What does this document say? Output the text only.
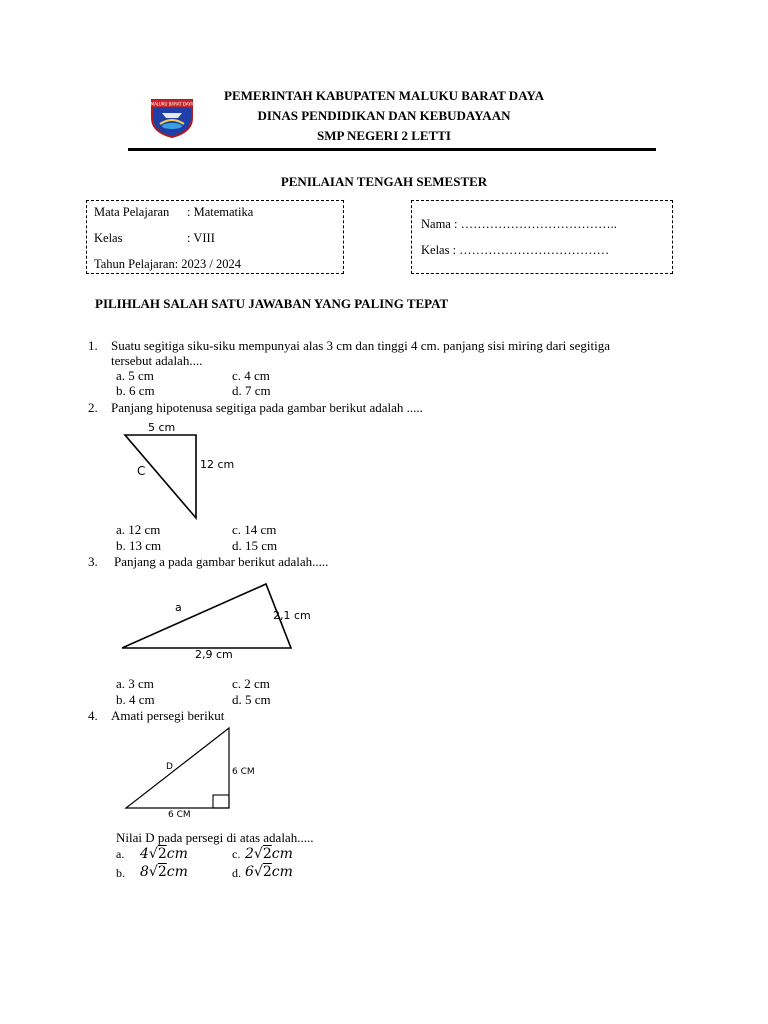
MALUKU BARAT DAYA
PEMERINTAH KABUPATEN MALUKU BARAT DAYA
DINAS PENDIDIKAN DAN KEBUDAYAAN
SMP NEGERI 2 LETTI
PENILAIAN TENGAH SEMESTER
Mata Pelajaran : Matematika
Kelas	: VIII
Tahun Pelajaran: 2023 / 2024
Nama : ………………………………..
Kelas : ………………………………
PILIHLAH SALAH SATU JAWABAN YANG PALING TEPAT
1. Suatu segitiga siku-siku mempunyai alas 3 cm dan tinggi 4 cm. panjang sisi miring dari segitiga
tersebut adalah....
a. 5 cm	c. 4 cm
b. 6 cm	d. 7 cm
2. Panjang hipotenusa segitiga pada gambar berikut adalah .....
5 cm
12 cm
C
a. 12 cm	c. 14 cm
b. 13 cm	d. 15 cm
3. Panjang a pada gambar berikut adalah.....
a
2,1 cm
2,9 cm
a. 3 cm	c. 2 cm
b. 4 cm	d. 5 cm
4. Amati persegi berikut
D	6 CM
6 CM
Nilai D pada persegi di atas adalah.....
a. 4√2cm	c. 2√2cm
b. 8√2cm	d. 6√2cm
